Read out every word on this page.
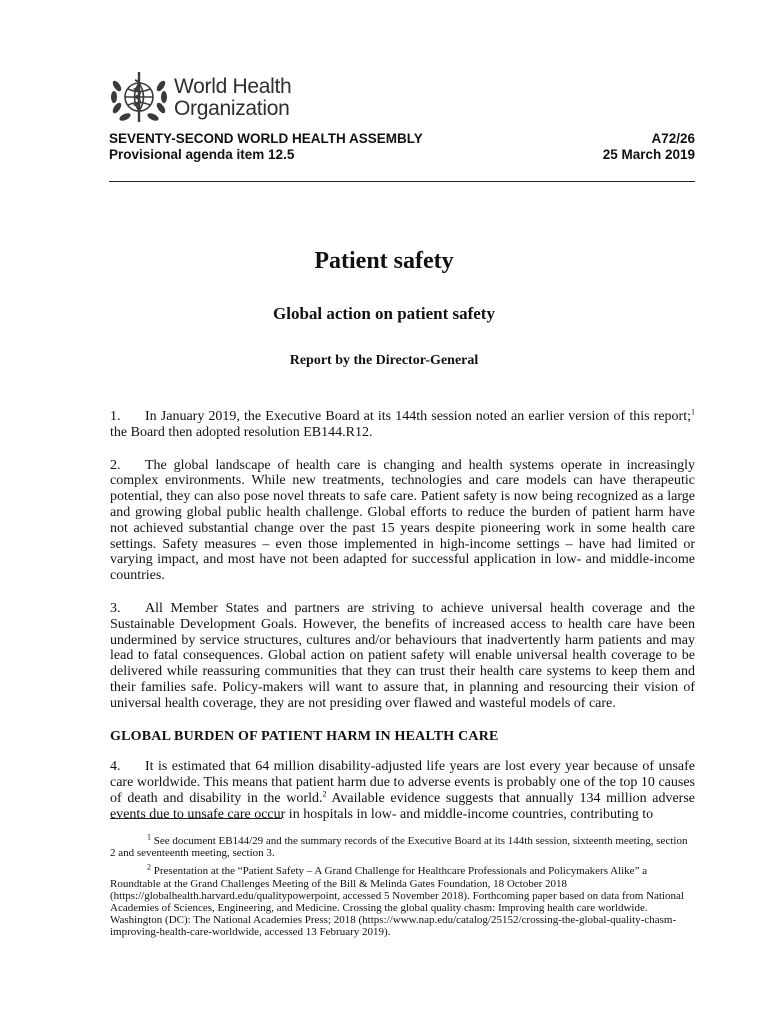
World Health
Organization
SEVENTY-SECOND WORLD HEALTH ASSEMBLY	A72/26
Provisional agenda item 12.5	25 March 2019
Patient safety
Global action on patient safety
Report by the Director-General

1. In January 2019, the Executive Board at its 144th session noted an earlier version of this report;$^1$ the Board then adopted resolution EB144.R12.

2. The global landscape of health care is changing and health systems operate in increasingly complex environments. While new treatments, technologies and care models can have therapeutic potential, they can also pose novel threats to safe care. Patient safety is now being recognized as a large and growing global public health challenge. Global efforts to reduce the burden of patient harm have not achieved substantial change over the past 15 years despite pioneering work in some health care settings. Safety measures – even those implemented in high-income settings – have had limited or varying impact, and most have not been adapted for successful application in low- and middle-income countries.

3. All Member States and partners are striving to achieve universal health coverage and the Sustainable Development Goals. However, the benefits of increased access to health care have been undermined by service structures, cultures and/or behaviours that inadvertently harm patients and may lead to fatal consequences. Global action on patient safety will enable universal health coverage to be delivered while reassuring communities that they can trust their health care systems to keep them and their families safe. Policy-makers will want to assure that, in planning and resourcing their vision of universal health coverage, they are not presiding over flawed and wasteful models of care.

GLOBAL BURDEN OF PATIENT HARM IN HEALTH CARE

4. It is estimated that 64 million disability-adjusted life years are lost every year because of unsafe care worldwide. This means that patient harm due to adverse events is probably one of the top 10 causes of death and disability in the world.$^2$ Available evidence suggests that annually 134 million adverse events due to unsafe care occur in hospitals in low- and middle-income countries, contributing to

$^1$ See document EB144/29 and the summary records of the Executive Board at its 144th session, sixteenth meeting, section 2 and seventeenth meeting, section 3.

$^2$ Presentation at the “Patient Safety – A Grand Challenge for Healthcare Professionals and Policymakers Alike” a Roundtable at the Grand Challenges Meeting of the Bill & Melinda Gates Foundation, 18 October 2018 (https://globalhealth.harvard.edu/qualitypowerpoint, accessed 5 November 2018). Forthcoming paper based on data from National Academies of Sciences, Engineering, and Medicine. Crossing the global quality chasm: Improving health care worldwide. Washington (DC): The National Academies Press; 2018 (https://www.nap.edu/catalog/25152/crossing-the-global-quality-chasm-improving-health-care-worldwide, accessed 13 February 2019).
